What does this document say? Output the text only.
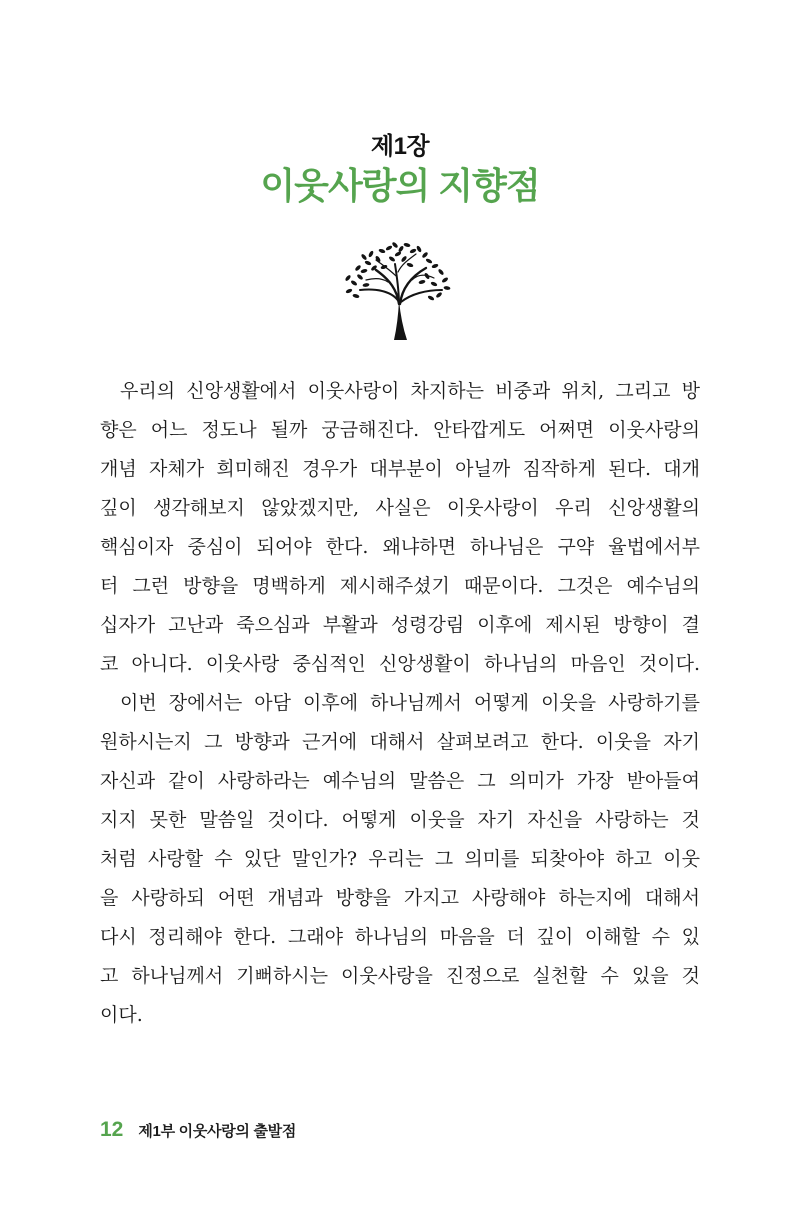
제1장
이웃사랑의 지향점
우리의 신앙생활에서 이웃사랑이 차지하는 비중과 위치, 그리고 방
향은 어느 정도나 될까 궁금해진다. 안타깝게도 어쩌면 이웃사랑의
개념 자체가 희미해진 경우가 대부분이 아닐까 짐작하게 된다. 대개
깊이 생각해보지 않았겠지만, 사실은 이웃사랑이 우리 신앙생활의
핵심이자 중심이 되어야 한다. 왜냐하면 하나님은 구약 율법에서부
터 그런 방향을 명백하게 제시해주셨기 때문이다. 그것은 예수님의
십자가 고난과 죽으심과 부활과 성령강림 이후에 제시된 방향이 결
코 아니다. 이웃사랑 중심적인 신앙생활이 하나님의 마음인 것이다.
이번 장에서는 아담 이후에 하나님께서 어떻게 이웃을 사랑하기를
원하시는지 그 방향과 근거에 대해서 살펴보려고 한다. 이웃을 자기
자신과 같이 사랑하라는 예수님의 말씀은 그 의미가 가장 받아들여
지지 못한 말씀일 것이다. 어떻게 이웃을 자기 자신을 사랑하는 것
처럼 사랑할 수 있단 말인가? 우리는 그 의미를 되찾아야 하고 이웃
을 사랑하되 어떤 개념과 방향을 가지고 사랑해야 하는지에 대해서
다시 정리해야 한다. 그래야 하나님의 마음을 더 깊이 이해할 수 있
고 하나님께서 기뻐하시는 이웃사랑을 진정으로 실천할 수 있을 것
이다.
12 제1부 이웃사랑의 출발점
